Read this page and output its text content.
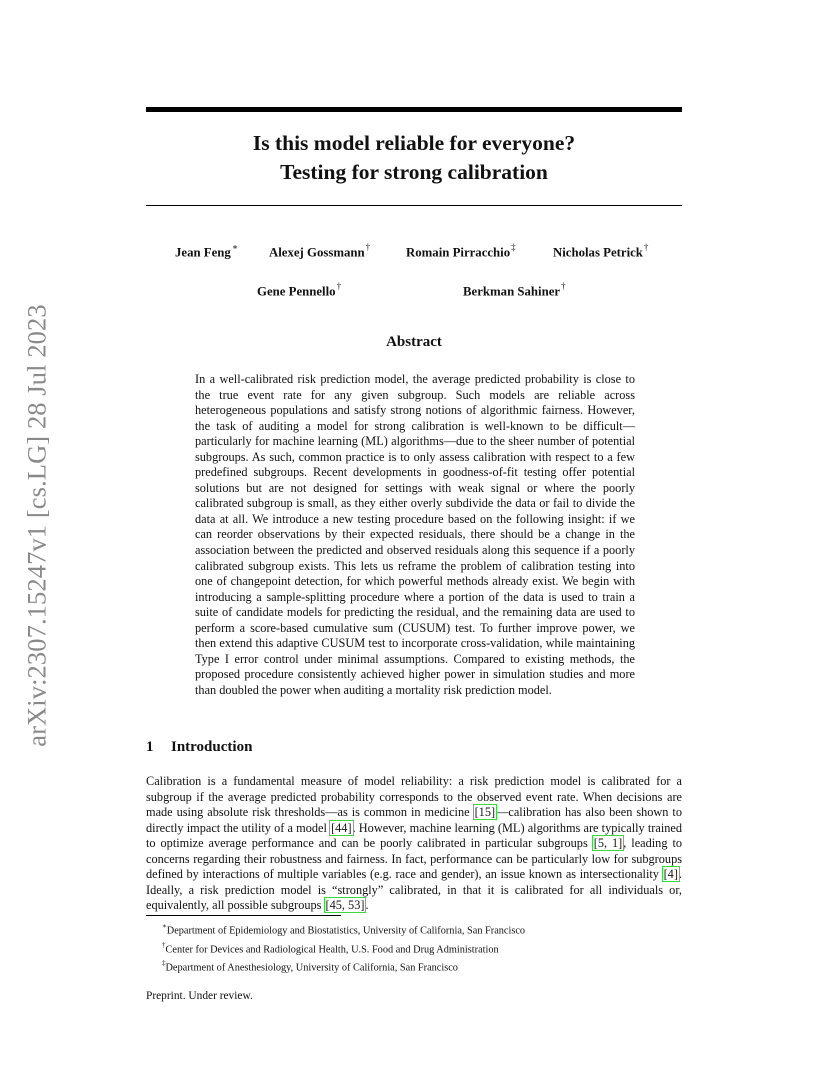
arXiv:2307.15247v1 [cs.LG] 28 Jul 2023
Is this model reliable for everyone?
Testing for strong calibration
Jean Feng∗ Alexej Gossmann†	Romain Pirracchio‡	Nicholas Petrick†
Gene Pennello†	Berkman Sahiner†
Abstract
In a well-calibrated risk prediction model, the average predicted probability is close to the true event rate for any given subgroup. Such models are reliable across heterogeneous populations and satisfy strong notions of algorithmic fairness. However, the task of auditing a model for strong calibration is well-known to be difficult—particularly for machine learning (ML) algorithms—due to the sheer number of potential subgroups. As such, common practice is to only assess calibration with respect to a few predefined subgroups. Recent developments in goodness-of-fit testing offer potential solutions but are not designed for settings with weak signal or where the poorly calibrated subgroup is small, as they either overly subdivide the data or fail to divide the data at all. We introduce a new testing procedure based on the following insight: if we can reorder observations by their expected residuals, there should be a change in the association between the predicted and observed residuals along this sequence if a poorly calibrated subgroup exists. This lets us reframe the problem of calibration testing into one of changepoint detection, for which powerful methods already exist. We begin with introducing a sample-splitting procedure where a portion of the data is used to train a suite of candidate models for predicting the residual, and the remaining data are used to perform a score-based cumulative sum (CUSUM) test. To further improve power, we then extend this adaptive CUSUM test to incorporate cross-validation, while maintaining Type I error control under minimal assumptions. Compared to existing methods, the proposed procedure consistently achieved higher power in simulation studies and more than doubled the power when auditing a mortality risk prediction model.
1 Introduction
Calibration is a fundamental measure of model reliability: a risk prediction model is calibrated for a subgroup if the average predicted probability corresponds to the observed event rate. When decisions are made using absolute risk thresholds—as is common in medicine [15]—calibration has also been shown to directly impact the utility of a model [44]. However, machine learning (ML) algorithms are typically trained to optimize average performance and can be poorly calibrated in particular subgroups [5, 1], leading to concerns regarding their robustness and fairness. In fact, performance can be particularly low for subgroups defined by interactions of multiple variables (e.g. race and gender), an issue known as intersectionality [4]. Ideally, a risk prediction model is “strongly” calibrated, in that it is calibrated for all individuals or, equivalently, all possible subgroups [45, 53].
∗Department of Epidemiology and Biostatistics, University of California, San Francisco
†Center for Devices and Radiological Health, U.S. Food and Drug Administration
‡Department of Anesthesiology, University of California, San Francisco
Preprint. Under review.
